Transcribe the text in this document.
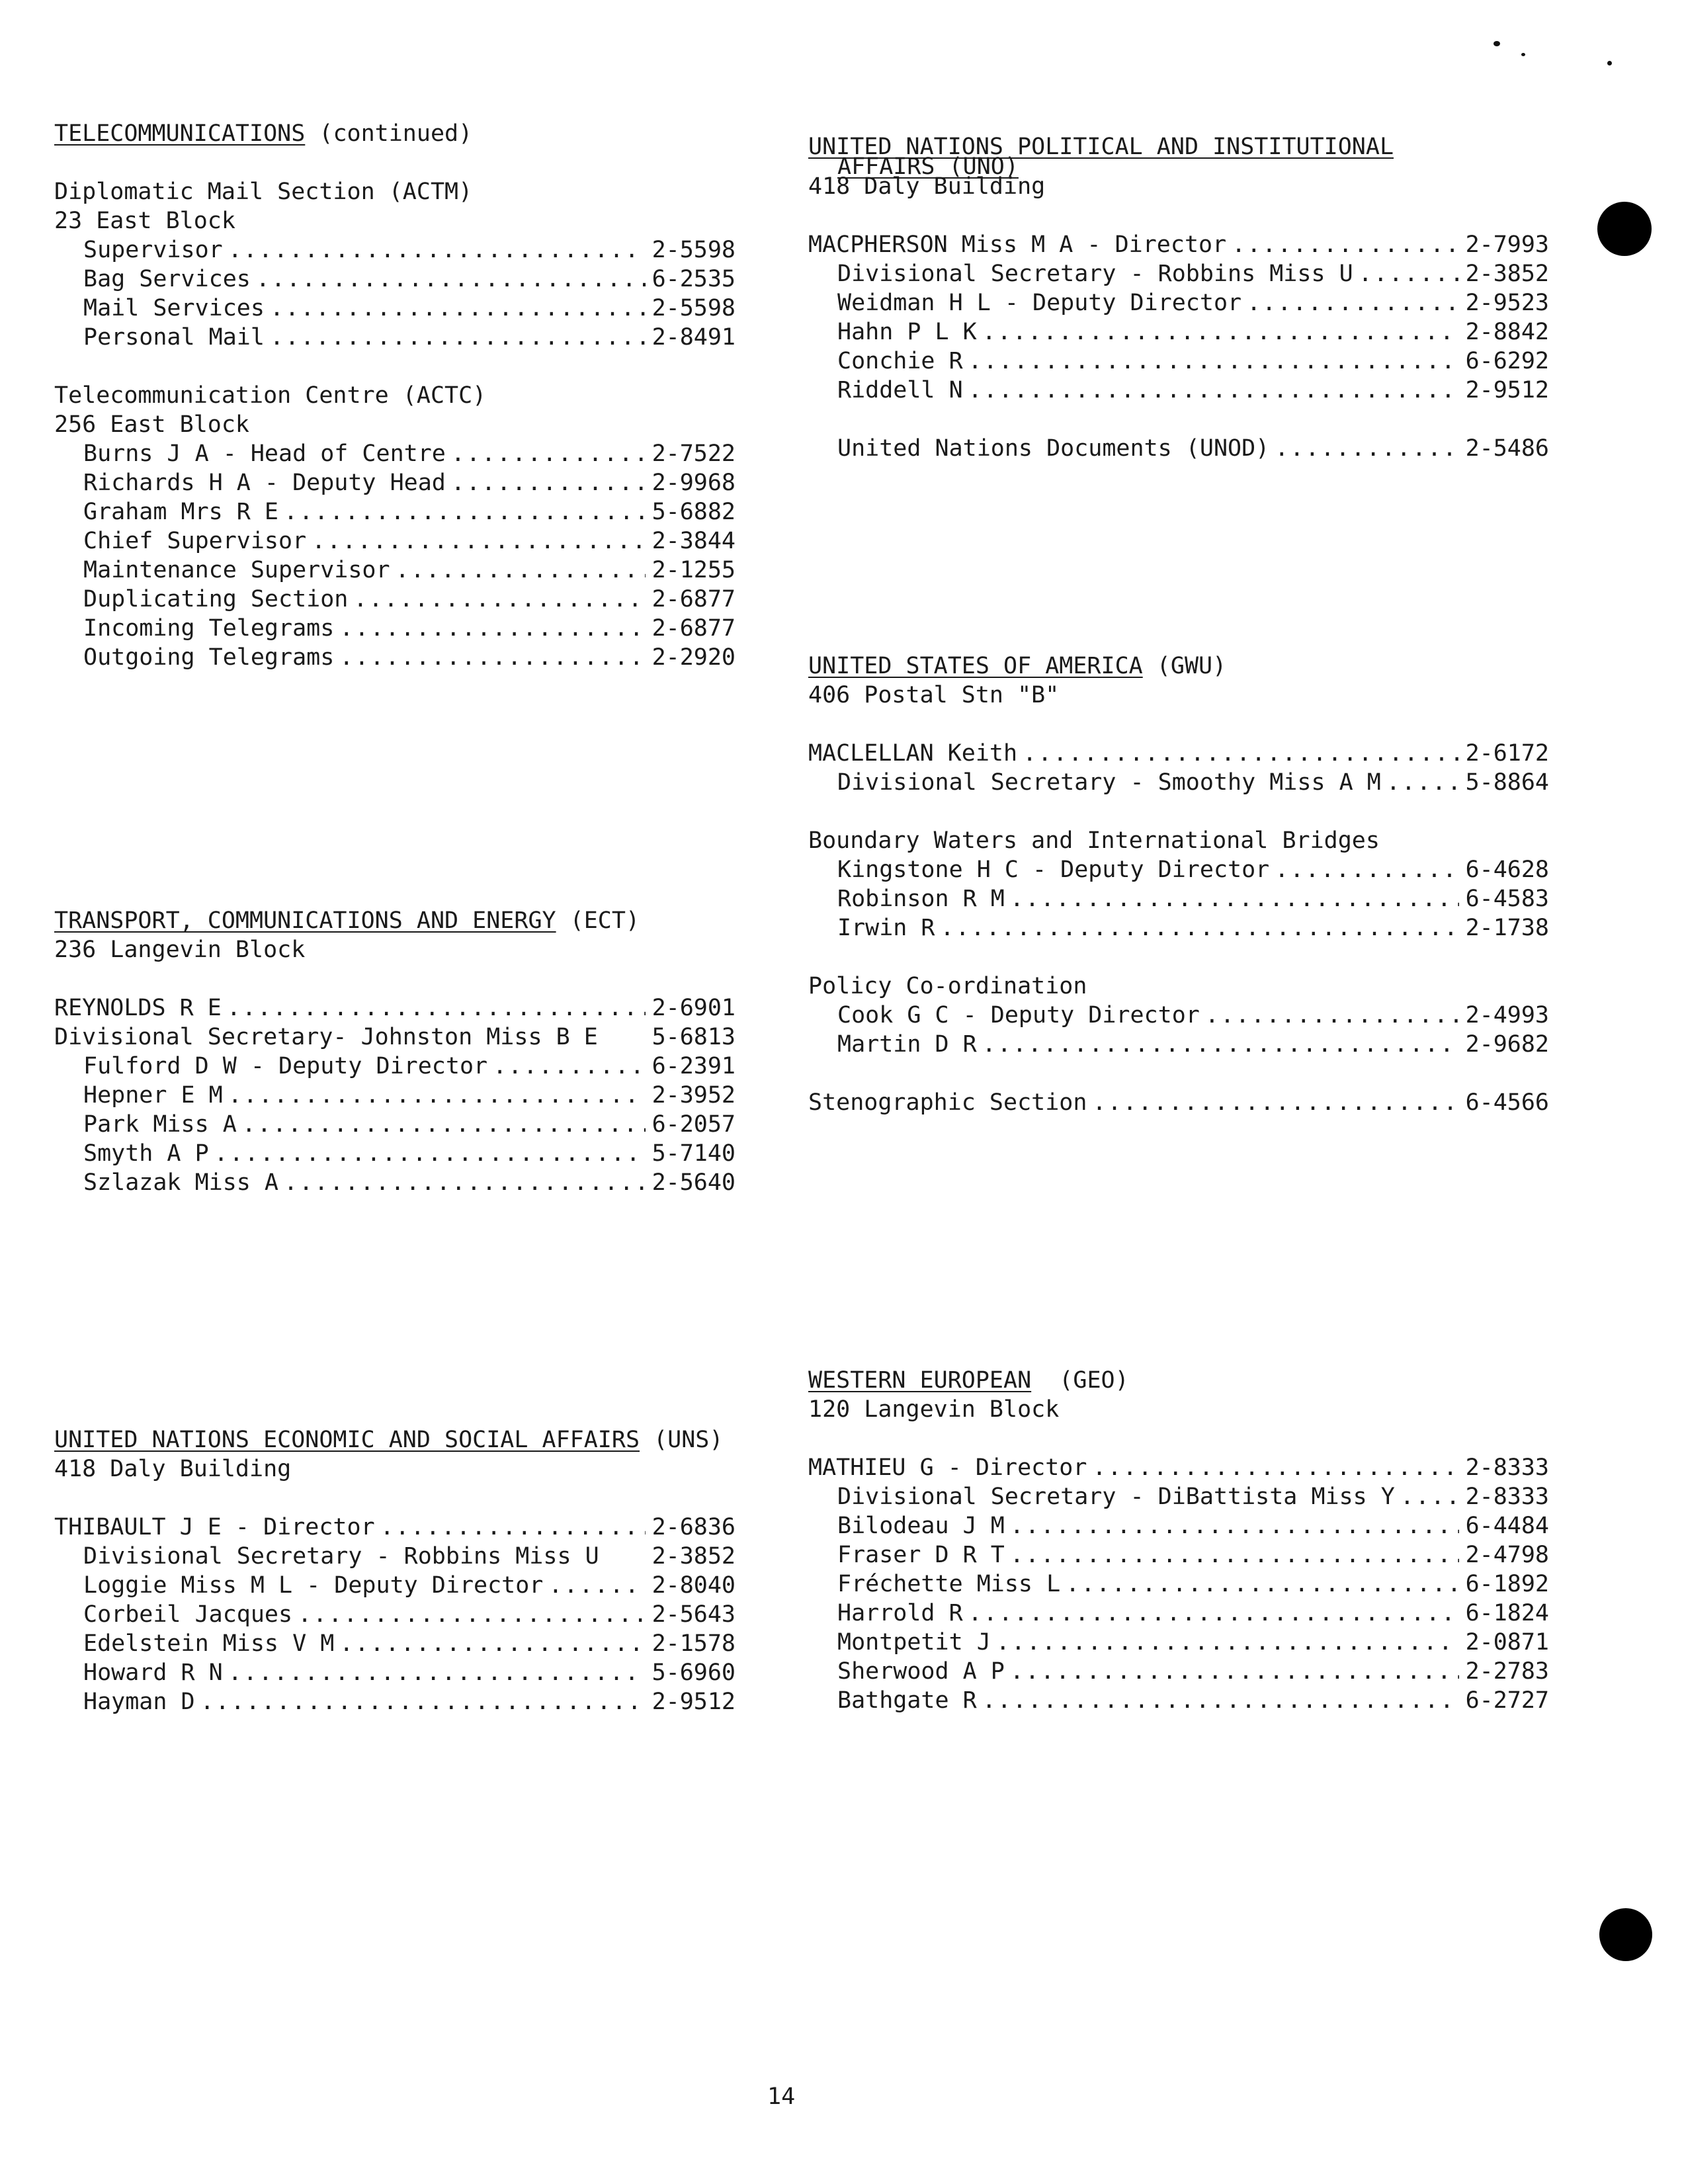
TELECOMMUNICATIONS (continued)
Diplomatic Mail Section (ACTM)
23 East Block
Supervisor .....	2-5598
Bag Services .....	6-2535
Mail Services .....	2-5598
Personal Mail .....	2-8491
Telecommunication Centre (ACTC)
256 East Block
Burns J A - Head of Centre .....	2-7522
Richards H A - Deputy Head .....	2-9968
Graham Mrs R E .....	5-6882
Chief Supervisor .....	2-3844
Maintenance Supervisor .....	2-1255
Duplicating Section .....	2-6877
Incoming Telegrams .....	2-6877
Outgoing Telegrams .....	2-2920
TRANSPORT, COMMUNICATIONS AND ENERGY (ECT)
236 Langevin Block
REYNOLDS R E .....	2-6901
Divisional Secretary- Johnston Miss B E 5-6813
Fulford D W - Deputy Director .....	6-2391
Hepner E M .....	2-3952
Park Miss A .....	6-2057
Smyth A P .....	5-7140
Szlazak Miss A .....	2-5640
UNITED NATIONS ECONOMIC AND SOCIAL AFFAIRS (UNS)
418 Daly Building
THIBAULT J E - Director .....	2-6836
Divisional Secretary - Robbins Miss U 2-3852
Loggie Miss M L - Deputy Director .....	2-8040
Corbeil Jacques .....	2-5643
Edelstein Miss V M .....	2-1578
Howard R N .....	5-6960
Hayman D .....	2-9512
UNITED NATIONS POLITICAL AND INSTITUTIONAL
AFFAIRS (UNO)
418 Daly Building
MACPHERSON Miss M A - Director .....	2-7993
Divisional Secretary - Robbins Miss U .....	2-3852
Weidman H L - Deputy Director .....	2-9523
Hahn P L K .....	2-8842
Conchie R .....	6-6292
Riddell N .....	2-9512
United Nations Documents (UNOD) .....	2-5486
UNITED STATES OF AMERICA (GWU)
406 Postal Stn "B"
MACLELLAN Keith .....	2-6172
Divisional Secretary - Smoothy Miss A M .....	5-8864
Boundary Waters and International Bridges
Kingstone H C - Deputy Director .....	6-4628
Robinson R M .....	6-4583
Irwin R .....	2-1738
Policy Co-ordination
Cook G C - Deputy Director .....	2-4993
Martin D R .....	2-9682
Stenographic Section .....	6-4566
WESTERN EUROPEAN  (GEO)
120 Langevin Block
MATHIEU G - Director .....	2-8333
Divisional Secretary - DiBattista Miss Y .....	2-8333
Bilodeau J M .....	6-4484
Fraser D R T .....	2-4798
Fréchette Miss L .....	6-1892
Harrold R .....	6-1824
Montpetit J .....	2-0871
Sherwood A P .....	2-2783
Bathgate R .....	6-2727
14
